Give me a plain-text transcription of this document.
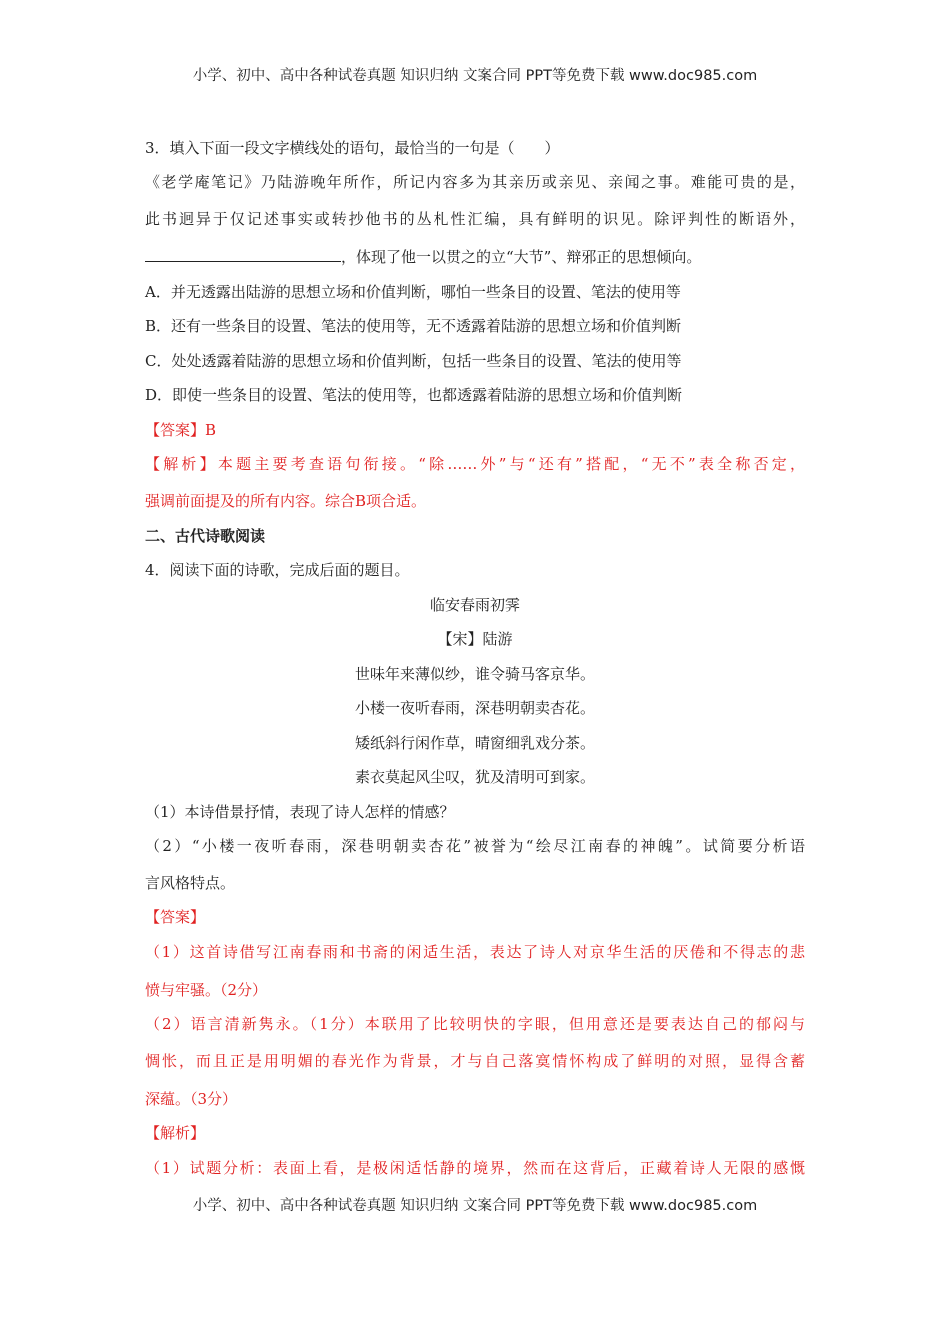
小学、初中、高中各种试卷真题 知识归纳 文案合同 PPT等免费下载 www.doc985.com
3．填入下面一段文字横线处的语句，最恰当的一句是（　　）
《老学庵笔记》乃陆游晚年所作，所记内容多为其亲历或亲见、亲闻之事。难能可贵的是，
此书迥异于仅记述事实或转抄他书的丛札性汇编，具有鲜明的识见。除评判性的断语外，
，体现了他一以贯之的立“大节”、辩邪正的思想倾向。
A．并无透露出陆游的思想立场和价值判断，哪怕一些条目的设置、笔法的使用等
B．还有一些条目的设置、笔法的使用等，无不透露着陆游的思想立场和价值判断
C．处处透露着陆游的思想立场和价值判断，包括一些条目的设置、笔法的使用等
D．即使一些条目的设置、笔法的使用等，也都透露着陆游的思想立场和价值判断
【答案】B
【解析】本题主要考查语句衔接。“除……外”与“还有”搭配，“无不”表全称否定，
强调前面提及的所有内容。综合B项合适。
二、古代诗歌阅读
4．阅读下面的诗歌，完成后面的题目。
临安春雨初霁
【宋】陆游
世味年来薄似纱，谁令骑马客京华。
小楼一夜听春雨，深巷明朝卖杏花。
矮纸斜行闲作草，晴窗细乳戏分茶。
素衣莫起风尘叹，犹及清明可到家。
（1）本诗借景抒情，表现了诗人怎样的情感？
（2）“小楼一夜听春雨，深巷明朝卖杏花”被誉为“绘尽江南春的神魄”。试简要分析语
言风格特点。
【答案】
（1）这首诗借写江南春雨和书斋的闲适生活，表达了诗人对京华生活的厌倦和不得志的悲
愤与牢骚。（2分）
（2）语言清新隽永。（1分）本联用了比较明快的字眼，但用意还是要表达自己的郁闷与
惆怅，而且正是用明媚的春光作为背景，才与自己落寞情怀构成了鲜明的对照，显得含蓄
深蕴。（3分）
【解析】
（1）试题分析：表面上看，是极闲适恬静的境界，然而在这背后，正藏着诗人无限的感慨
小学、初中、高中各种试卷真题 知识归纳 文案合同 PPT等免费下载 www.doc985.com
